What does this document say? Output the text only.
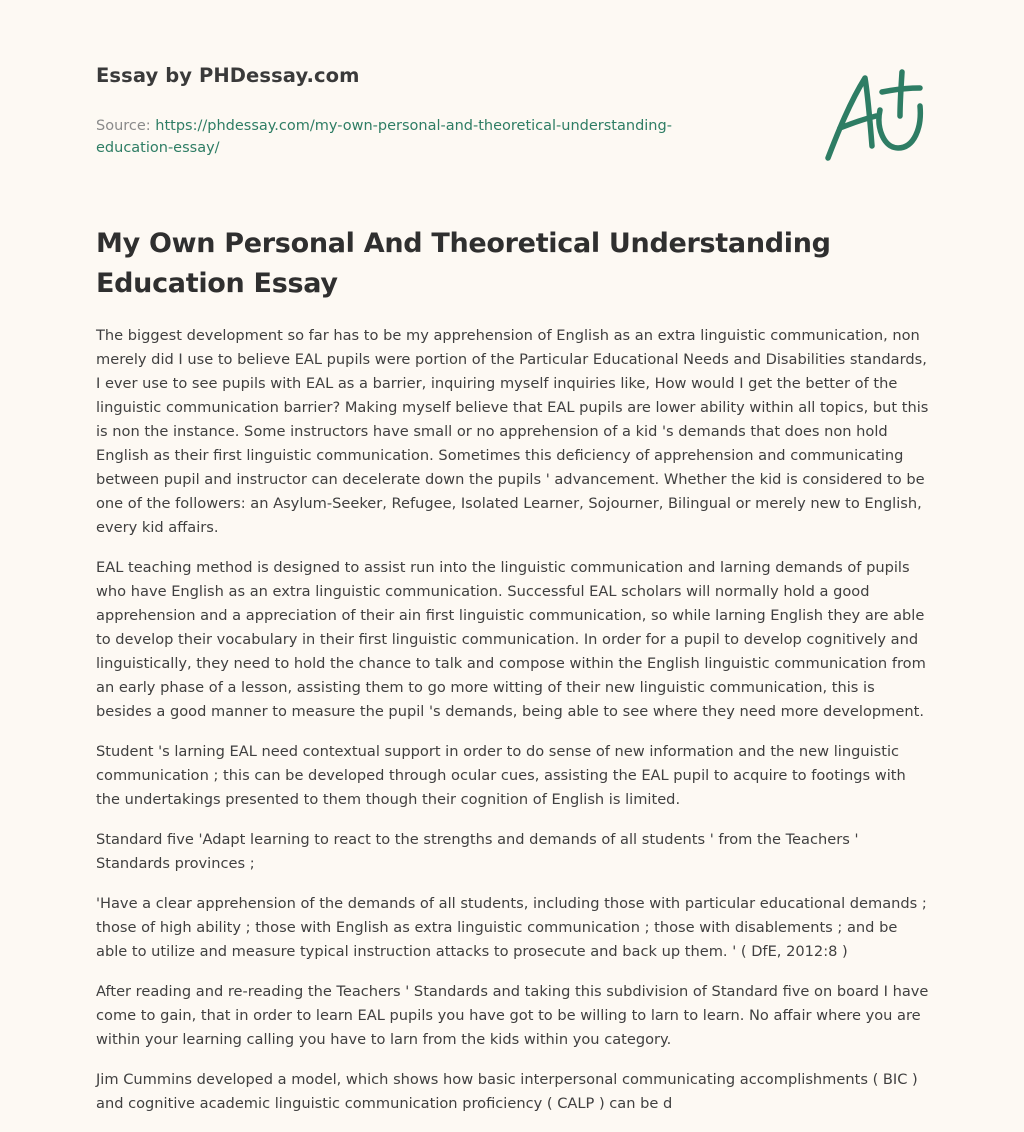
Essay by PHDessay.com
Source: https://phdessay.com/my-own-personal-and-theoretical-understanding-education-essay/
My Own Personal And Theoretical Understanding Education Essay

The biggest development so far has to be my apprehension of English as an extra linguistic communication, non merely did I use to believe EAL pupils were portion of the Particular Educational Needs and Disabilities standards, I ever use to see pupils with EAL as a barrier, inquiring myself inquiries like, How would I get the better of the linguistic communication barrier? Making myself believe that EAL pupils are lower ability within all topics, but this is non the instance. Some instructors have small or no apprehension of a kid 's demands that does non hold English as their first linguistic communication. Sometimes this deficiency of apprehension and communicating between pupil and instructor can decelerate down the pupils ' advancement. Whether the kid is considered to be one of the followers: an Asylum-Seeker, Refugee, Isolated Learner, Sojourner, Bilingual or merely new to English, every kid affairs.

EAL teaching method is designed to assist run into the linguistic communication and larning demands of pupils who have English as an extra linguistic communication. Successful EAL scholars will normally hold a good apprehension and a appreciation of their ain first linguistic communication, so while larning English they are able to develop their vocabulary in their first linguistic communication. In order for a pupil to develop cognitively and linguistically, they need to hold the chance to talk and compose within the English linguistic communication from an early phase of a lesson, assisting them to go more witting of their new linguistic communication, this is besides a good manner to measure the pupil 's demands, being able to see where they need more development.

Student 's larning EAL need contextual support in order to do sense of new information and the new linguistic communication ; this can be developed through ocular cues, assisting the EAL pupil to acquire to footings with the undertakings presented to them though their cognition of English is limited.

Standard five 'Adapt learning to react to the strengths and demands of all students ' from the Teachers ' Standards provinces ;

'Have a clear apprehension of the demands of all students, including those with particular educational demands ; those of high ability ; those with English as extra linguistic communication ; those with disablements ; and be able to utilize and measure typical instruction attacks to prosecute and back up them. ' ( DfE, 2012:8 )

After reading and re-reading the Teachers ' Standards and taking this subdivision of Standard five on board I have come to gain, that in order to learn EAL pupils you have got to be willing to larn to learn. No affair where you are within your learning calling you have to larn from the kids within you category.

Jim Cummins developed a model, which shows how basic interpersonal communicating accomplishments ( BIC ) and cognitive academic linguistic communication proficiency ( CALP ) can be d
